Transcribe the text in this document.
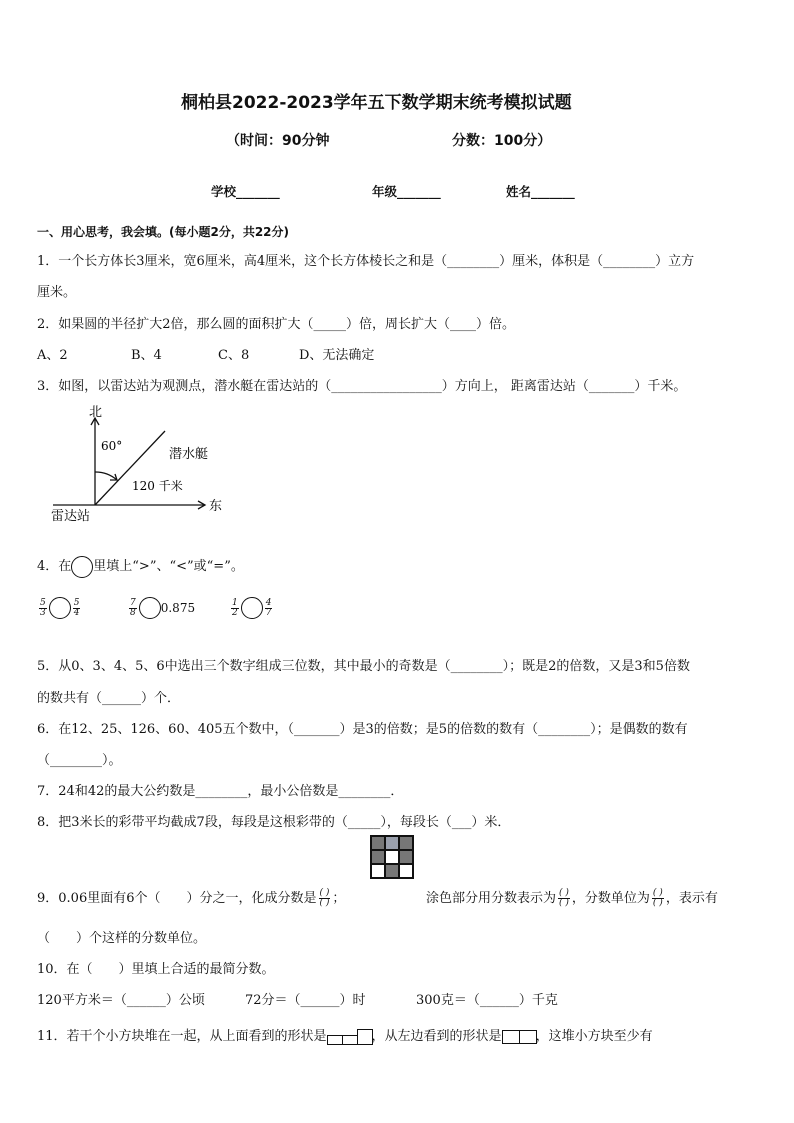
桐柏县2022-2023学年五下数学期末统考模拟试题
（时间：90分钟	分数：100分）
学校_______	年级_______	姓名_______
一、用心思考，我会填。(每小题2分，共22分)
1．一个长方体长3厘米，宽6厘米，高4厘米，这个长方体棱长之和是（________）厘米，体积是（________）立方
厘米。
2．如果圆的半径扩大2倍，那么圆的面积扩大（_____）倍，周长扩大（____）倍。
A、2	B、4	C、8	D、无法确定
3．如图，以雷达站为观测点，潜水艇在雷达站的（_________________）方向上， 距离雷达站（_______）千米。
北
东
雷达站
潜水艇
60°
120 千米
4．在 里填上“>”、“<”或“=”。
$\frac{5}{3}$	$\frac{5}{4}$	$\frac{7}{8} 0.875$	$\frac{1}{2}$	$\frac{4}{7}$
5．从0、3、4、5、6中选出三个数字组成三位数，其中最小的奇数是（________）；既是2的倍数，又是3和5倍数
的数共有（______）个．
6．在12、25、126、60、405五个数中，（_______）是3的倍数；是5的倍数的数有（________）；是偶数的数有
（________）。
7．24和42的最大公约数是________，最小公倍数是________．
8．把3米长的彩带平均截成7段，每段是这根彩带的（_____），每段长（___）米．
9．0.06里面有6个（　　）分之一，化成分数是 $\frac{( )}{( )}$ ；	涂色部分用分数表示为 $\frac{( )}{( )}$ ，分数单位为 $\frac{( )}{( )}$ ，表示有
（　　）个这样的分数单位。
10．在（　　）里填上合适的最简分数。
120平方米＝（______）公顷	72分＝（______）时	300克＝（______）千克
11．若干个小方块堆在一起，从上面看到的形状是	，从左边看到的形状是	，这堆小方块至少有
